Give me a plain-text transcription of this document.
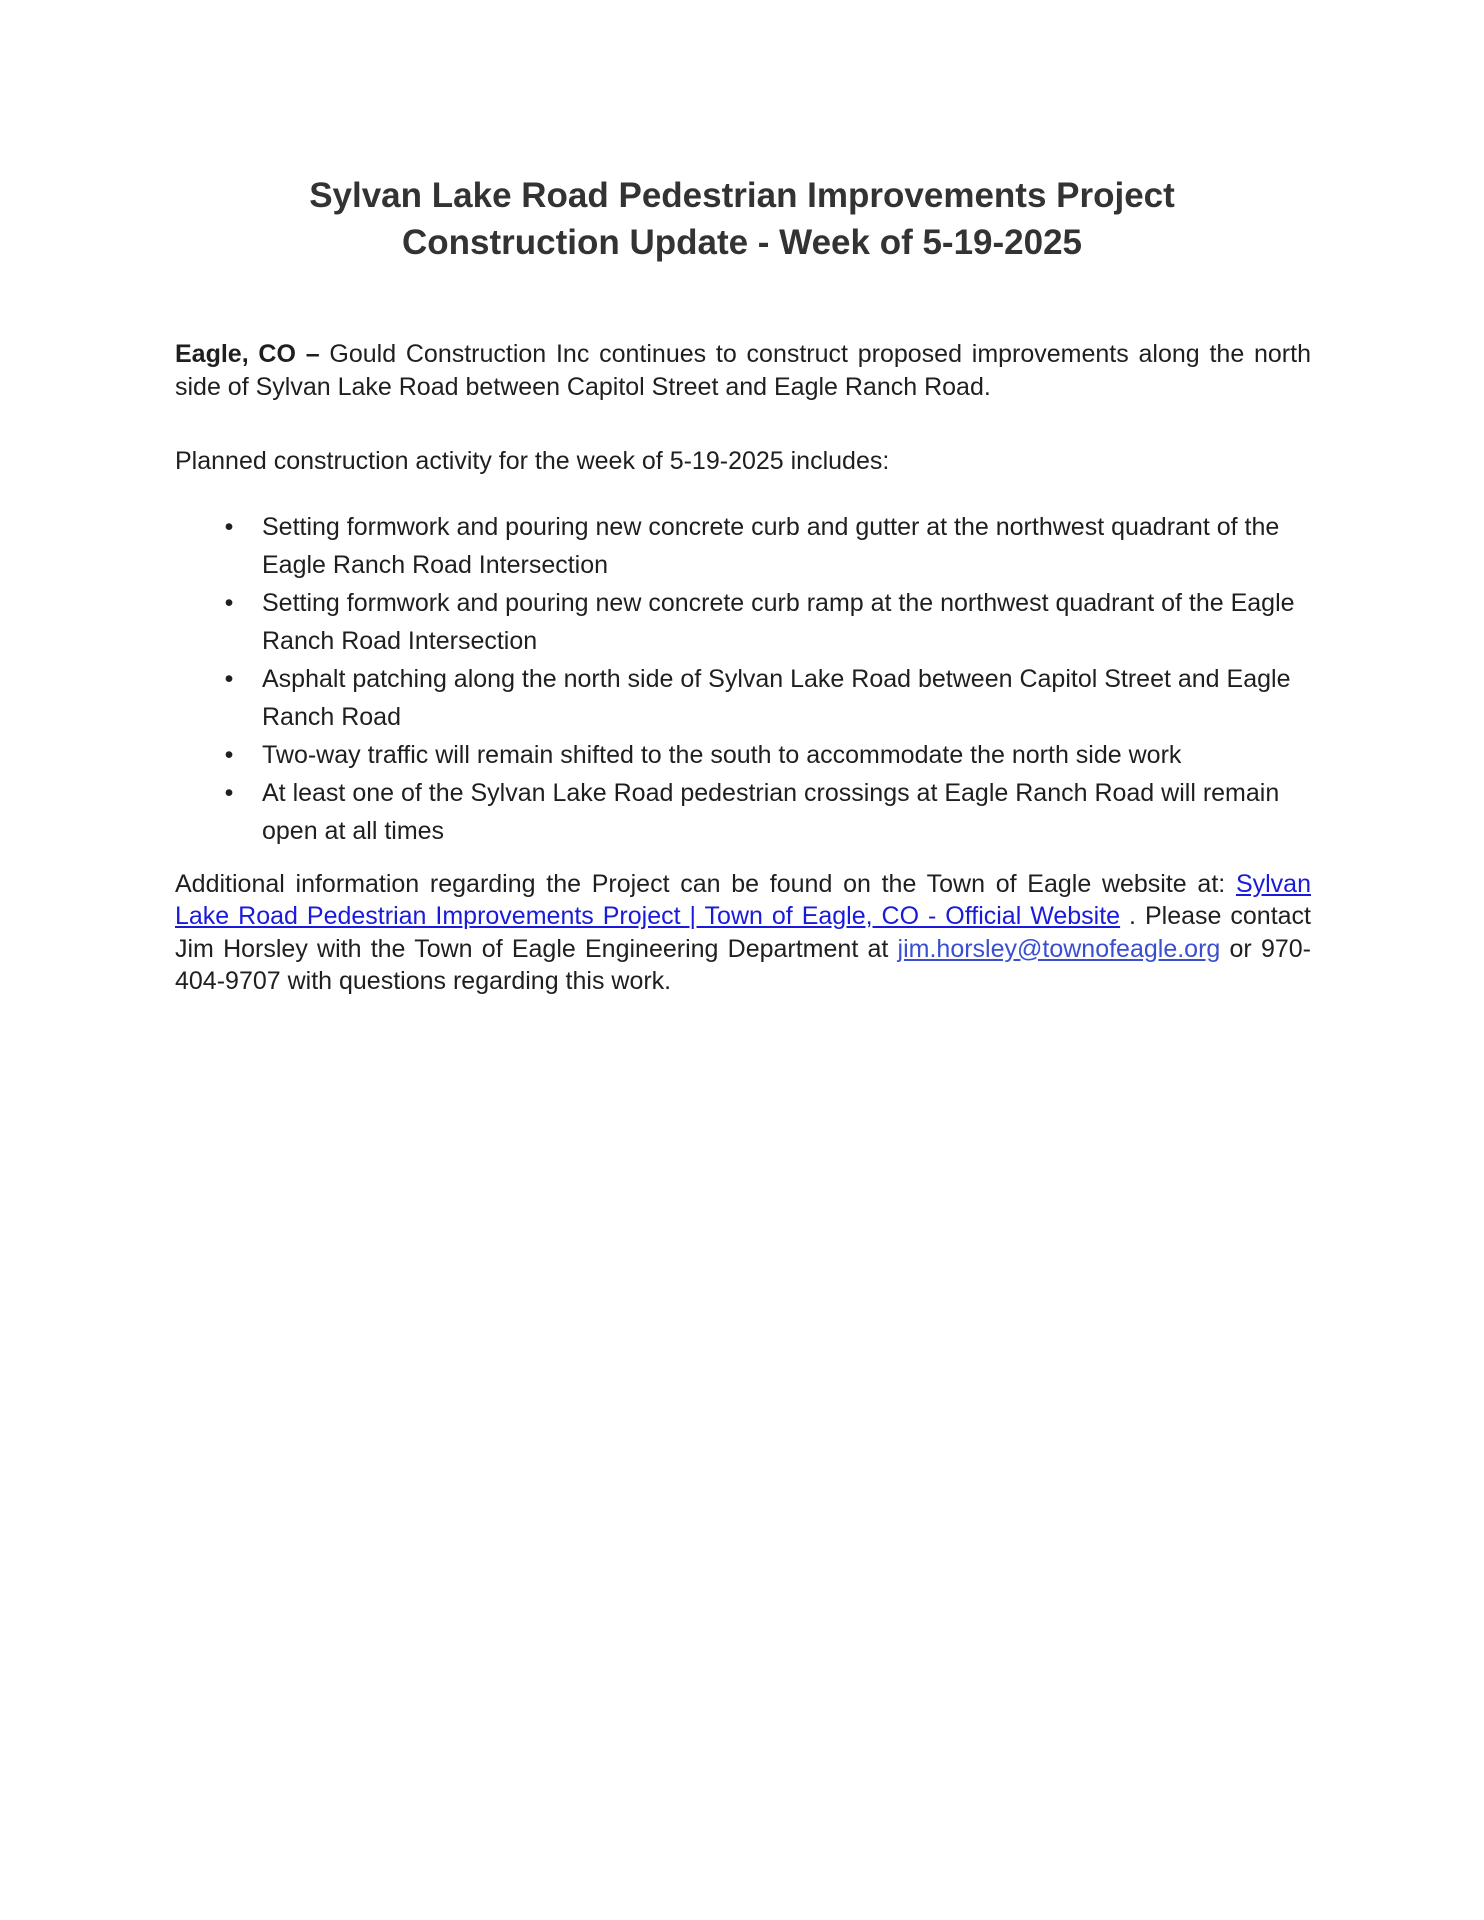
Sylvan Lake Road Pedestrian Improvements Project
Construction Update - Week of 5-19-2025

Eagle, CO – Gould Construction Inc continues to construct proposed improvements along the north side of Sylvan Lake Road between Capitol Street and Eagle Ranch Road.

Planned construction activity for the week of 5-19-2025 includes:

• Setting formwork and pouring new concrete curb and gutter at the northwest quadrant of the Eagle Ranch Road Intersection
• Setting formwork and pouring new concrete curb ramp at the northwest quadrant of the Eagle Ranch Road Intersection
• Asphalt patching along the north side of Sylvan Lake Road between Capitol Street and Eagle Ranch Road
• Two-way traffic will remain shifted to the south to accommodate the north side work
• At least one of the Sylvan Lake Road pedestrian crossings at Eagle Ranch Road will remain open at all times

Additional information regarding the Project can be found on the Town of Eagle website at: Sylvan Lake Road Pedestrian Improvements Project | Town of Eagle, CO - Official Website . Please contact Jim Horsley with the Town of Eagle Engineering Department at jim.horsley@townofeagle.org or 970-404-9707 with questions regarding this work.
